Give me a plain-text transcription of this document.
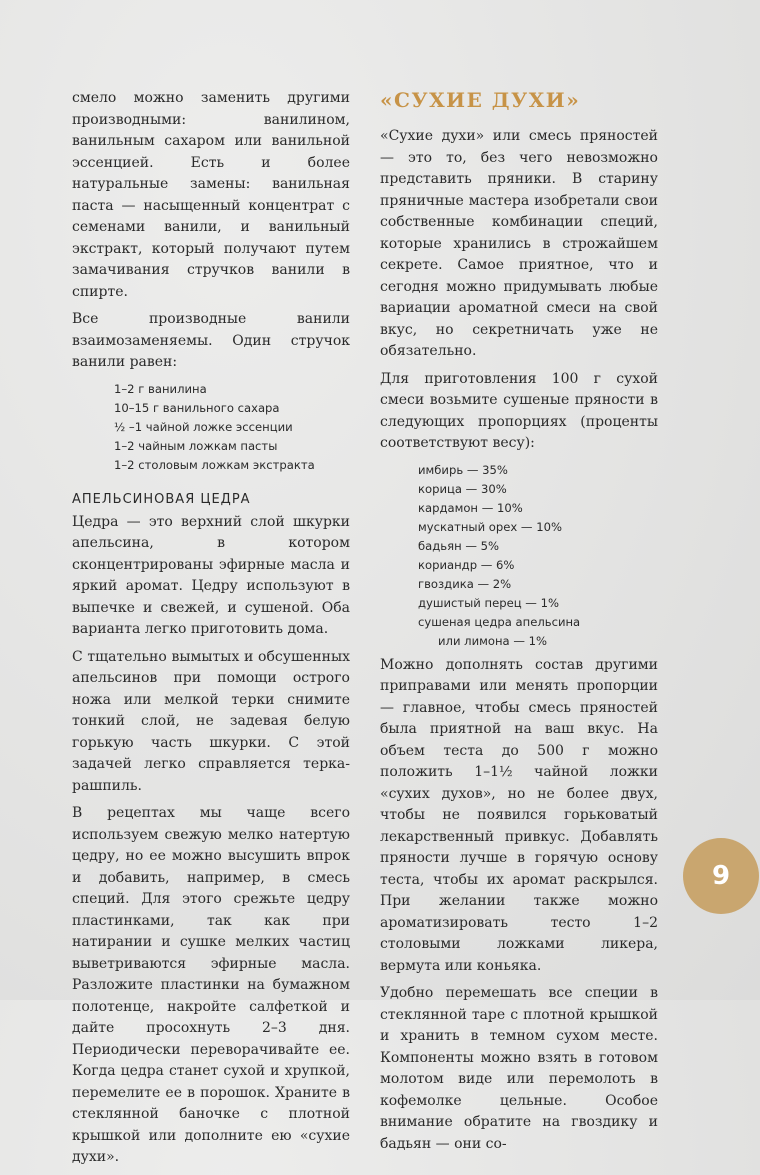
смело можно заменить другими производными: ванилином, ванильным сахаром или ванильной эссенцией. Есть и более натуральные замены: ванильная паста — насыщенный концентрат с семенами ванили, и ванильный экстракт, который получают путем замачивания стручков ванили в спирте.

Все производные ванили взаимозаменяемы. Один стручок ванили равен:

1–2 г ванилина
10–15 г ванильного сахара
½ –1 чайной ложке эссенции
1–2 чайным ложкам пасты
1–2 столовым ложкам экстракта
АПЕЛЬСИНОВАЯ ЦЕДРА

Цедра — это верхний слой шкурки апельсина, в котором сконцентрированы эфирные масла и яркий аромат. Цедру используют в выпечке и свежей, и сушеной. Оба варианта легко приготовить дома.

С тщательно вымытых и обсушенных апельсинов при помощи острого ножа или мелкой терки снимите тонкий слой, не задевая белую горькую часть шкурки. С этой задачей легко справляется терка-рашпиль.

В рецептах мы чаще всего используем свежую мелко натертую цедру, но ее можно высушить впрок и добавить, например, в смесь специй. Для этого срежьте цедру пластинками, так как при натирании и сушке мелких частиц выветриваются эфирные масла. Разложите пластинки на бумажном полотенце, накройте салфеткой и дайте просохнуть 2–3 дня. Периодически переворачивайте ее. Когда цедра станет сухой и хрупкой, перемелите ее в порошок. Храните в стеклянной баночке с плотной крышкой или дополните ею «сухие духи».

«СУХИЕ ДУХИ»

«Сухие духи» или смесь пряностей — это то, без чего невозможно представить пряники. В старину пряничные мастера изобретали свои собственные комбинации специй, которые хранились в строжайшем секрете. Самое приятное, что и сегодня можно придумывать любые вариации ароматной смеси на свой вкус, но секретничать уже не обязательно.

Для приготовления 100 г сухой смеси возьмите сушеные пряности в следующих пропорциях (проценты соответствуют весу):

имбирь — 35%
корица — 30%
кардамон — 10%
мускатный орех — 10%
бадьян — 5%
кориандр — 6%
гвоздика — 2%
душистый перец — 1%
сушеная цедра апельсина
или лимона — 1%

Можно дополнять состав другими приправами или менять пропорции — главное, чтобы смесь пряностей была приятной на ваш вкус. На объем теста до 500 г можно положить 1–1½ чайной ложки «сухих духов», но не более двух, чтобы не появился горьковатый лекарственный привкус. Добавлять пряности лучше в горячую основу теста, чтобы их аромат раскрылся. При желании также можно ароматизировать тесто 1–2 столовыми ложками ликера, вермута или коньяка.

Удобно перемешать все специи в стеклянной таре с плотной крышкой и хранить в темном сухом месте. Компоненты можно взять в готовом молотом виде или перемолоть в кофемолке цельные. Особое внимание обратите на гвоздику и бадьян — они со-

9
